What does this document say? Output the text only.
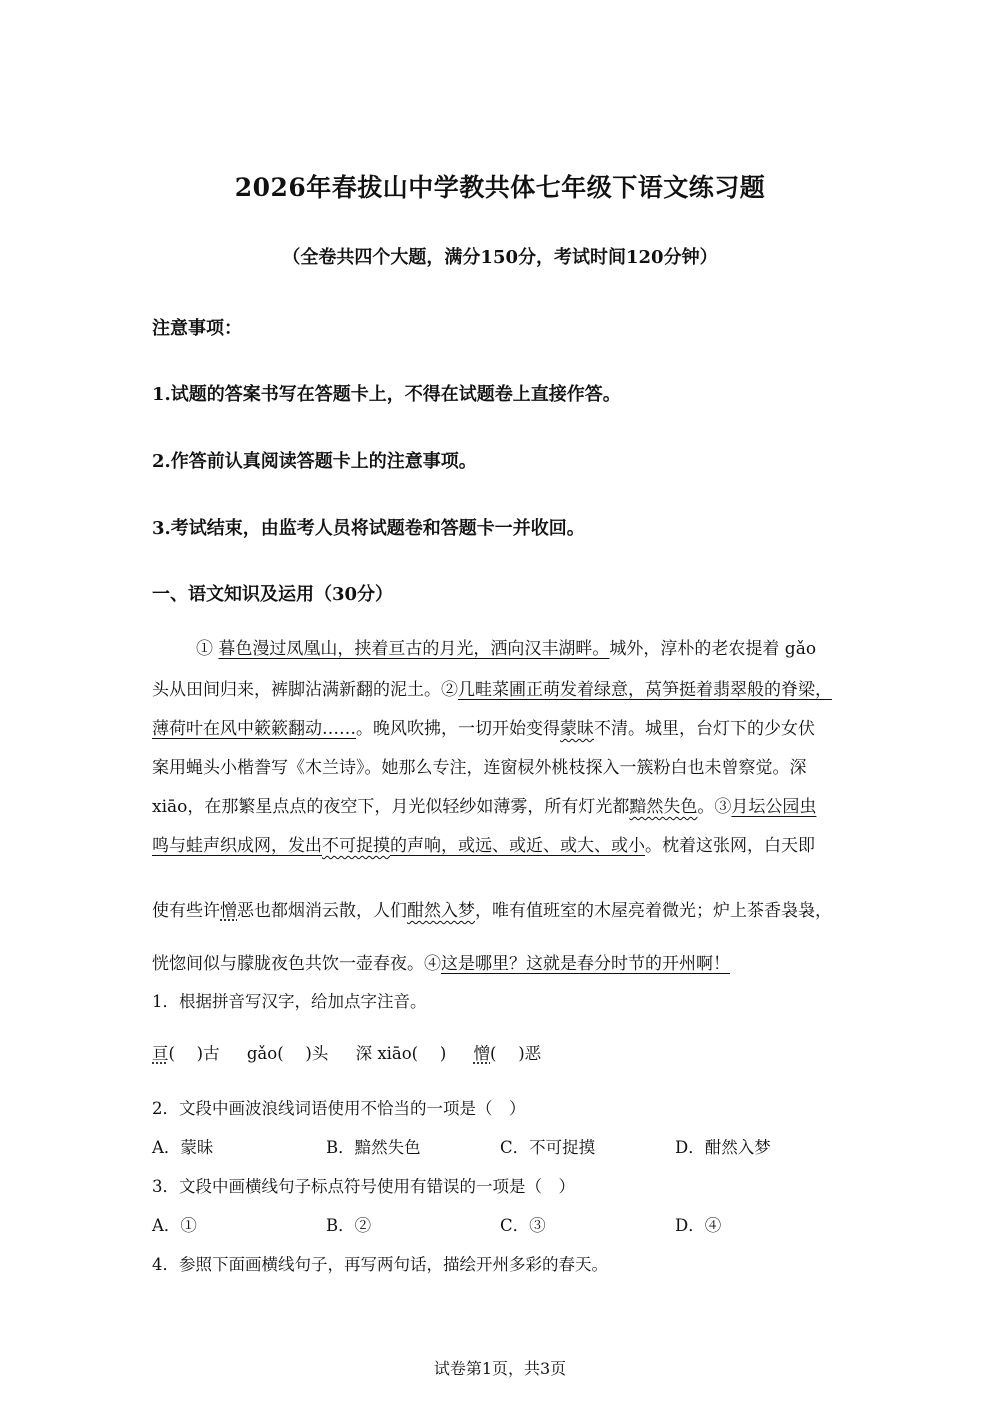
2026年春拔山中学教共体七年级下语文练习题
（全卷共四个大题，满分150分，考试时间120分钟）
注意事项：
1.试题的答案书写在答题卡上，不得在试题卷上直接作答。
2.作答前认真阅读答题卡上的注意事项。
3.考试结束，由监考人员将试题卷和答题卡一并收回。
一、语文知识及运用（30分）
① 暮色漫过凤凰山，挟着亘古的月光，洒向汉丰湖畔。城外，淳朴的老农提着 gǎo
头从田间归来，裤脚沾满新翻的泥土。②几畦菜圃正萌发着绿意，莴笋挺着翡翠般的脊梁，
薄荷叶在风中簌簌翻动……。晚风吹拂，一切开始变得蒙昧不清。城里，台灯下的少女伏
案用蝇头小楷誊写《木兰诗》。她那么专注，连窗棂外桃枝探入一簇粉白也未曾察觉。深
xiāo，在那繁星点点的夜空下，月光似轻纱如薄雾，所有灯光都黯然失色。③月坛公园虫
鸣与蛙声织成网，发出不可捉摸的声响，或远、或近、或大、或小。枕着这张网，白天即
使有些许憎恶也都烟消云散，人们酣然入梦，唯有值班室的木屋亮着微光；炉上茶香袅袅，
恍惚间似与朦胧夜色共饮一壶春夜。④这是哪里？这就是春分时节的开州啊！
1．根据拼音写汉字，给加点字注音。
亘(　 )古 gǎo(　 )头 深 xiāo(　 ) 憎(　 )恶
2．文段中画波浪线词语使用不恰当的一项是（　）
A．蒙昧	B．黯然失色	C．不可捉摸	D．酣然入梦
3．文段中画横线句子标点符号使用有错误的一项是（　）
A．①	B．②	C．③	D．④
4．参照下面画横线句子，再写两句话，描绘开州多彩的春天。
试卷第1页，共3页
